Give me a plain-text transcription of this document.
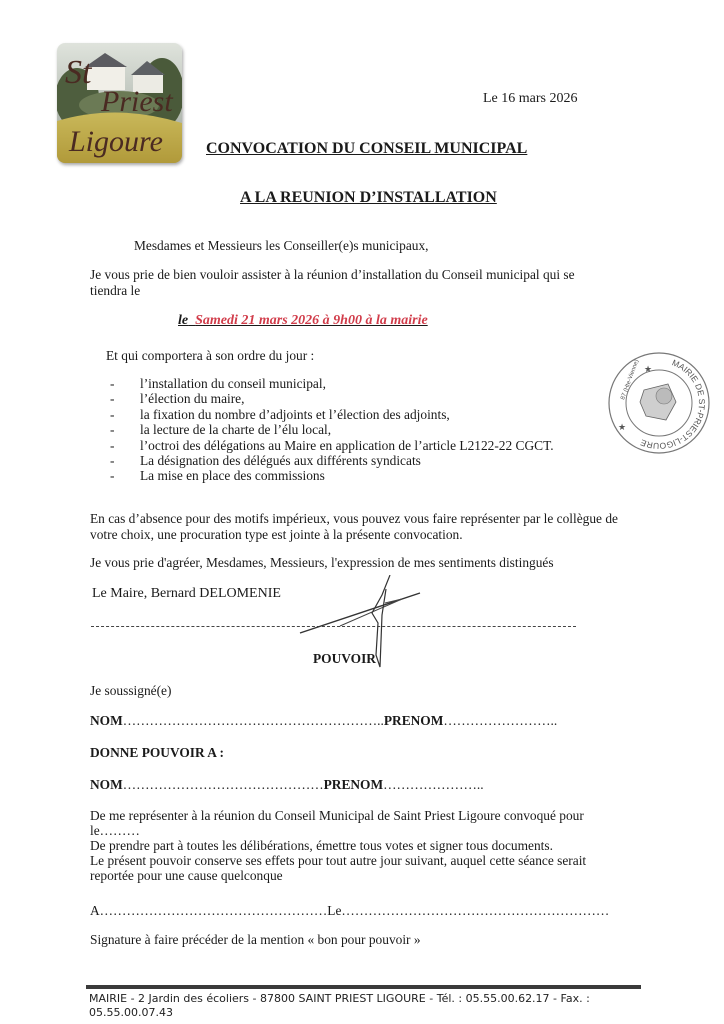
St
Priest
Ligoure
Le 16 mars 2026
CONVOCATION DU CONSEIL MUNICIPAL
A LA REUNION D’INSTALLATION
Mesdames et Messieurs les Conseiller(e)s municipaux,
Je vous prie de bien vouloir assister à la réunion d’installation du Conseil municipal qui se
tiendra le
le Samedi 21 mars 2026 à 9h00 à la mairie
Et qui comportera à son ordre du jour :
- l’installation du conseil municipal,
- l’élection du maire,
- la fixation du nombre d’adjoints et l’élection des adjoints,
- la lecture de la charte de l’élu local,
- l’octroi des délégations au Maire en application de l’article L2122-22 CGCT.
- La désignation des délégués aux différents syndicats
- La mise en place des commissions
MAIRIE DE ST-PRIEST-LIGOURE
87 (Hte-Vienne) ★
★
En cas d’absence pour des motifs impérieux, vous pouvez vous faire représenter par le collègue de
votre choix, une procuration type est jointe à la présente convocation.
Je vous prie d'agréer, Mesdames, Messieurs, l'expression de mes sentiments distingués
Le Maire, Bernard DELOMENIE
POUVOIR
Je soussigné(e)
NOM…………………………………………………..PRENOM……………………..
DONNE POUVOIR A :
NOM………………………………………PRENOM…………………..
De me représenter à la réunion du Conseil Municipal de Saint Priest Ligoure convoqué pour
le………
De prendre part à toutes les délibérations, émettre tous votes et signer tous documents.
Le présent pouvoir conserve ses effets pour tout autre jour suivant, auquel cette séance serait
reportée pour une cause quelconque
A……………………………………………Le……………………………………………………
Signature à faire précéder de la mention « bon pour pouvoir »
MAIRIE - 2 Jardin des écoliers - 87800 SAINT PRIEST LIGOURE - Tél. : 05.55.00.62.17 - Fax. :
05.55.00.07.43
